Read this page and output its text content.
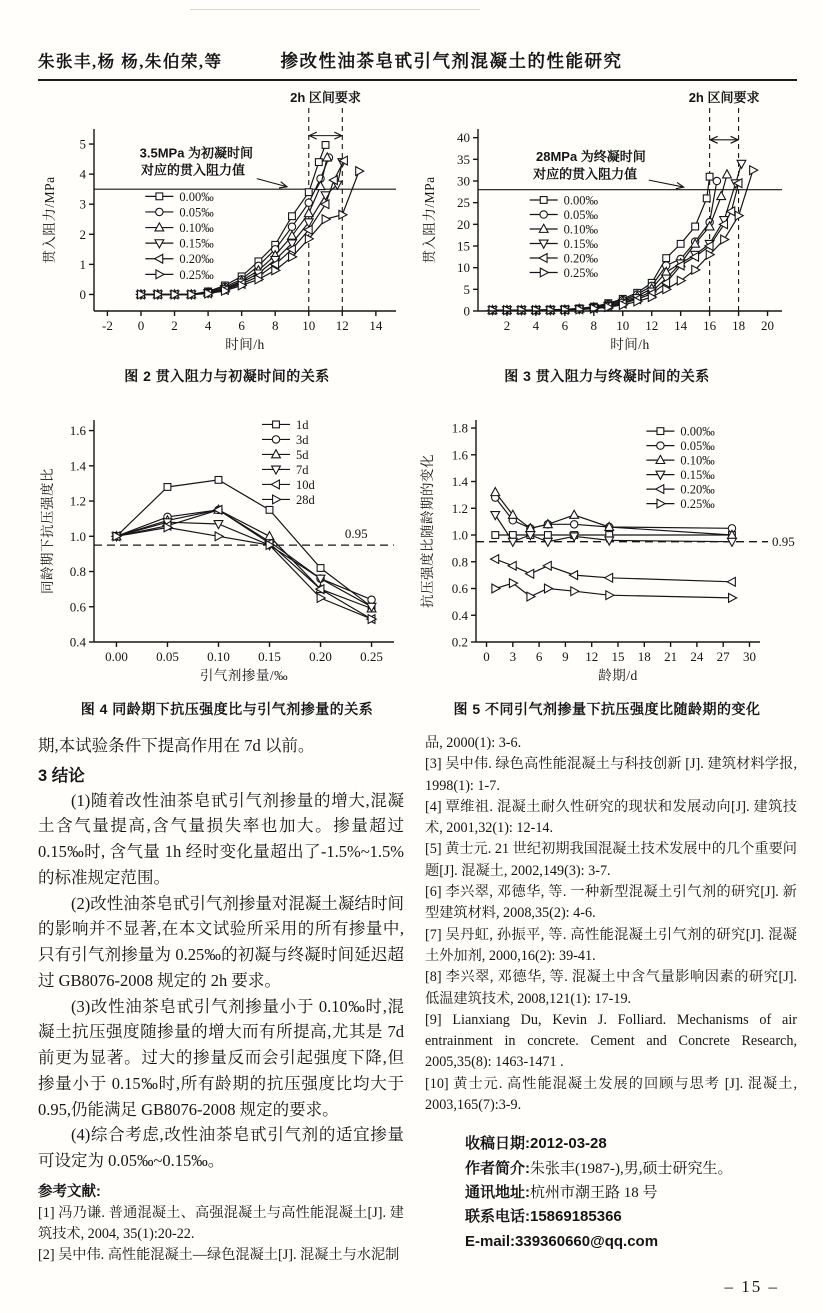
朱张丰,杨 杨,朱伯荣,等	掺改性油茶皂甙引气剂混凝土的性能研究
2h 区间要求
-2 0 2 4 6 8 10 12 14
0
1
2
3
4
5
时间/h
贯入阻力/MPa
3.5MPa 为初凝时间
对应的贯入阻力值
0.00‰
0.05‰
0.10‰
0.15‰
0.20‰
0.25‰
图 2 贯入阻力与初凝时间的关系
2h 区间要求
2 4 6 8 10 12 14 16 18 20
0
5
10
15
20
25
30
35
40
时间/h
贯入阻力/MPa
28MPa 为终凝时间
对应的贯入阻力值
0.00‰
0.05‰
0.10‰
0.15‰
0.20‰
0.25‰
图 3 贯入阻力与终凝时间的关系
0.95
0.00 0.05 0.10 0.15 0.20 0.25
0.4
0.6
0.8
1.0
1.2
1.4
1.6
引气剂掺量/‰
同龄期下抗压强度比
1d
3d
5d
7d
10d
28d
图 4 同龄期下抗压强度比与引气剂掺量的关系
0.95
0 3 6 9 12 15 18 21 24 27 30
0.2
0.4
0.6
0.8
1.0
1.2
1.4
1.6
1.8
龄期/d
抗压强度比随龄期的变化
0.00‰
0.05‰
0.10‰
0.15‰
0.20‰
0.25‰
图 5 不同引气剂掺量下抗压强度比随龄期的变化

期,本试验条件下提高作用在 7d 以前。

3 结论

(1)随着改性油茶皂甙引气剂掺量的增大,混凝土含气量提高,含气量损失率也加大。掺量超过 0.15‰时, 含气量 1h 经时变化量超出了-1.5%~1.5%的标准规定范围。

(2)改性油茶皂甙引气剂掺量对混凝土凝结时间的影响并不显著,在本文试验所采用的所有掺量中,只有引气剂掺量为 0.25‰的初凝与终凝时间延迟超过 GB8076-2008 规定的 2h 要求。

(3)改性油茶皂甙引气剂掺量小于 0.10‰时,混凝土抗压强度随掺量的增大而有所提高,尤其是 7d 前更为显著。过大的掺量反而会引起强度下降,但掺量小于 0.15‰时,所有龄期的抗压强度比均大于 0.95,仍能满足 GB8076-2008 规定的要求。

(4)综合考虑,改性油茶皂甙引气剂的适宜掺量可设定为 0.05‰~0.15‰。

参考文献:

[1] 冯乃谦. 普通混凝土、高强混凝土与高性能混凝土[J]. 建筑技术, 2004, 35(1):20-22.

[2] 吴中伟. 高性能混凝土—绿色混凝土[J]. 混凝土与水泥制

品, 2000(1): 3-6.

[3] 吴中伟. 绿色高性能混凝土与科技创新 [J]. 建筑材料学报, 1998(1): 1-7.

[4] 覃维祖. 混凝土耐久性研究的现状和发展动向[J]. 建筑技术, 2001,32(1): 12-14.

[5] 黄士元. 21 世纪初期我国混凝土技术发展中的几个重要问题[J]. 混凝土, 2002,149(3): 3-7.

[6] 李兴翠, 邓德华, 等. 一种新型混凝土引气剂的研究[J]. 新型建筑材料, 2008,35(2): 4-6.

[7] 吴丹虹, 孙振平, 等. 高性能混凝土引气剂的研究[J]. 混凝土外加剂, 2000,16(2): 39-41.

[8] 李兴翠, 邓德华, 等. 混凝土中含气量影响因素的研究[J]. 低温建筑技术, 2008,121(1): 17-19.

[9] Lianxiang Du, Kevin J. Folliard. Mechanisms of air entrainment in concrete. Cement and Concrete Research, 2005,35(8): 1463-1471 .

[10] 黄士元. 高性能混凝土发展的回顾与思考 [J]. 混凝土, 2003,165(7):3-9.

收稿日期:2012-03-28
作者简介:朱张丰(1987-),男,硕士研究生。
通讯地址:杭州市潮王路 18 号
联系电话:15869185366
E-mail:339360660@qq.com
– 15 –
